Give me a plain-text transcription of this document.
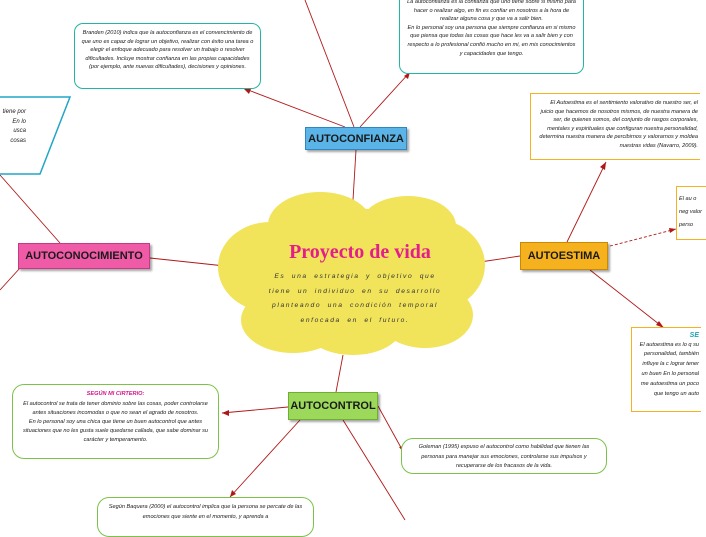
Proyecto de vida
Es una estrategia y objetivo que tiene un individuo en su desarrollo planteando una condición temporal enfocada en el futuro.
AUTOCONFIANZA
AUTOESTIMA
AUTOCONTROL
AUTOCONOCIMIENTO

Branden (2010) indica que la autoconfianza es el convencimiento de que uno es capaz de lograr un objetivo, realizar con éxito una tarea o elegir el enfoque adecuado para resolver un trabajo o resolver dificultades. Incluye mostrar confianza en las propias capacidades (por ejemplo, ante nuevas dificultades), decisiones y opiniones.

La autoconfianza es la confianza que uno tiene sobre si mismo para hacer o realizar algo, en fin es confiar en nosotros a la hora de realizar alguna cosa y que va a salir bien.

En lo personal soy una persona que siempre confianza en si mismo que piensa que todas las cosas que hace les va a salir bien y con respecto a lo profesional confió mucho en mi, en mis conocimientos y capacidades que tengo.

El Autoestima es el sentimiento valorativo de nuestro ser, el juicio que hacemos de nosotros mismos, de nuestra manera de ser, de quienes somos, del conjunto de rasgos corporales, mentales y espirituales que configuran nuestra personalidad, determina nuestra manera de percibirnos y valorarnos y moldea nuestras vidas (Navarro, 2009).

El au o neg valor perso

SE

El autoestima es lo q su personalidad, también influye la c lograr tener un buen En lo personal me autoestima un poco que tengo un auto

SEGÚN MI CIRTERIO:

El autocontrol se trata de tener dominio sobre las cosas, poder controlarse antes situaciones incomodas o que no sean el agrado de nosotros.

En lo personal soy una chica que tiene un buen autocontrol que antes situaciones que no les gusta suele quedarse callada, que sabe dominar su carácter y temperamento.

Goleman (1995) expuso el autocontrol como habilidad que tienen las personas para manejar sus emociones, controlarse sus impulsos y recuperarse de los fracasos de la vida.

Según Baquera (2000) el autocontrol implica que la persona se percate de las emociones que siente en el momento, y aprenda a

tiene por En lo usca cosas
